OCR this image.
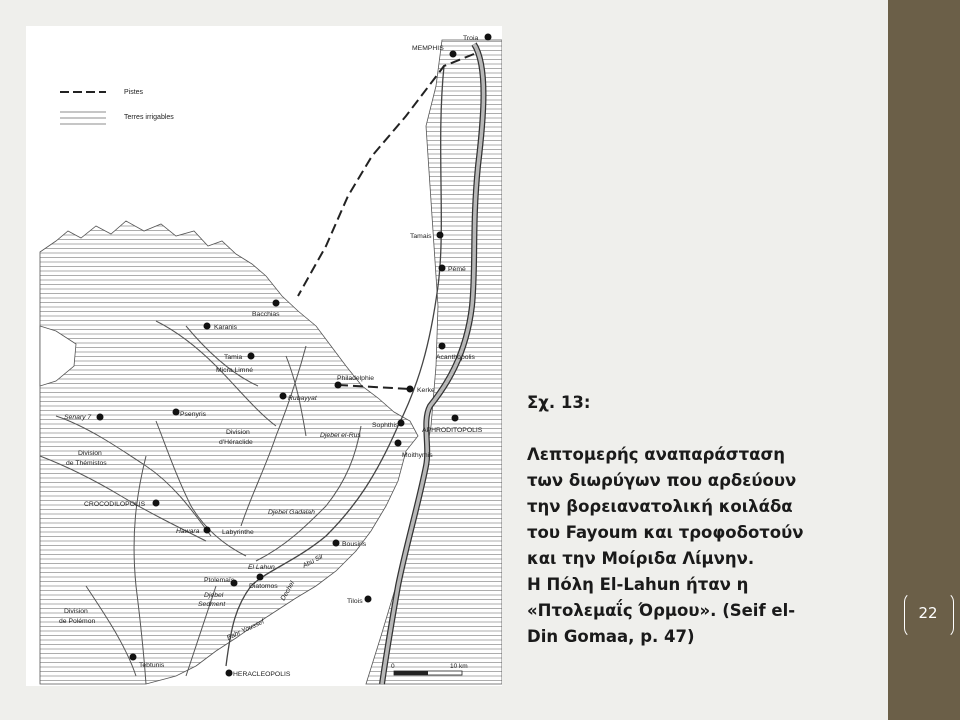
22
Pistes
Terres irrigables
Troia
MEMPHIS
Tamais
Pémé
Bacchias
Karanis
Tamia
Micra Limné
Acanthopolis
Philadelphie
Kerke
Rubayyat
Senary 7	Psenyris
APHRODITOPOLIS
Sophthis
Djebel el-Rus
Moithymis
Division
d'Héraclide
Division
de Thémistos
CROCODILOPOLIS
Djebel Gadalah
Hawara	Labyrinthe
Bousiris
El Lahun
Ptolemaïs
Djebel
Sedment
Diatomos
Abu Sir
Dechel	Tilois
Bahr Youssef
Division
de Polémon
Tebtunis
HERACLEOPOLIS
0	10 km
Σχ. 13:
Λεπτομερής αναπαράσταση
των διωρύγων που αρδεύουν
την βορειανατολική κοιλάδα
του Fayoum και τροφοδοτούν
και την Μοίριδα Λίμνην.
Η Πόλη El-Lahun ήταν η
«Πτολεμαΐς Όρμου». (Seif el-
Din Gomaa, p. 47)
